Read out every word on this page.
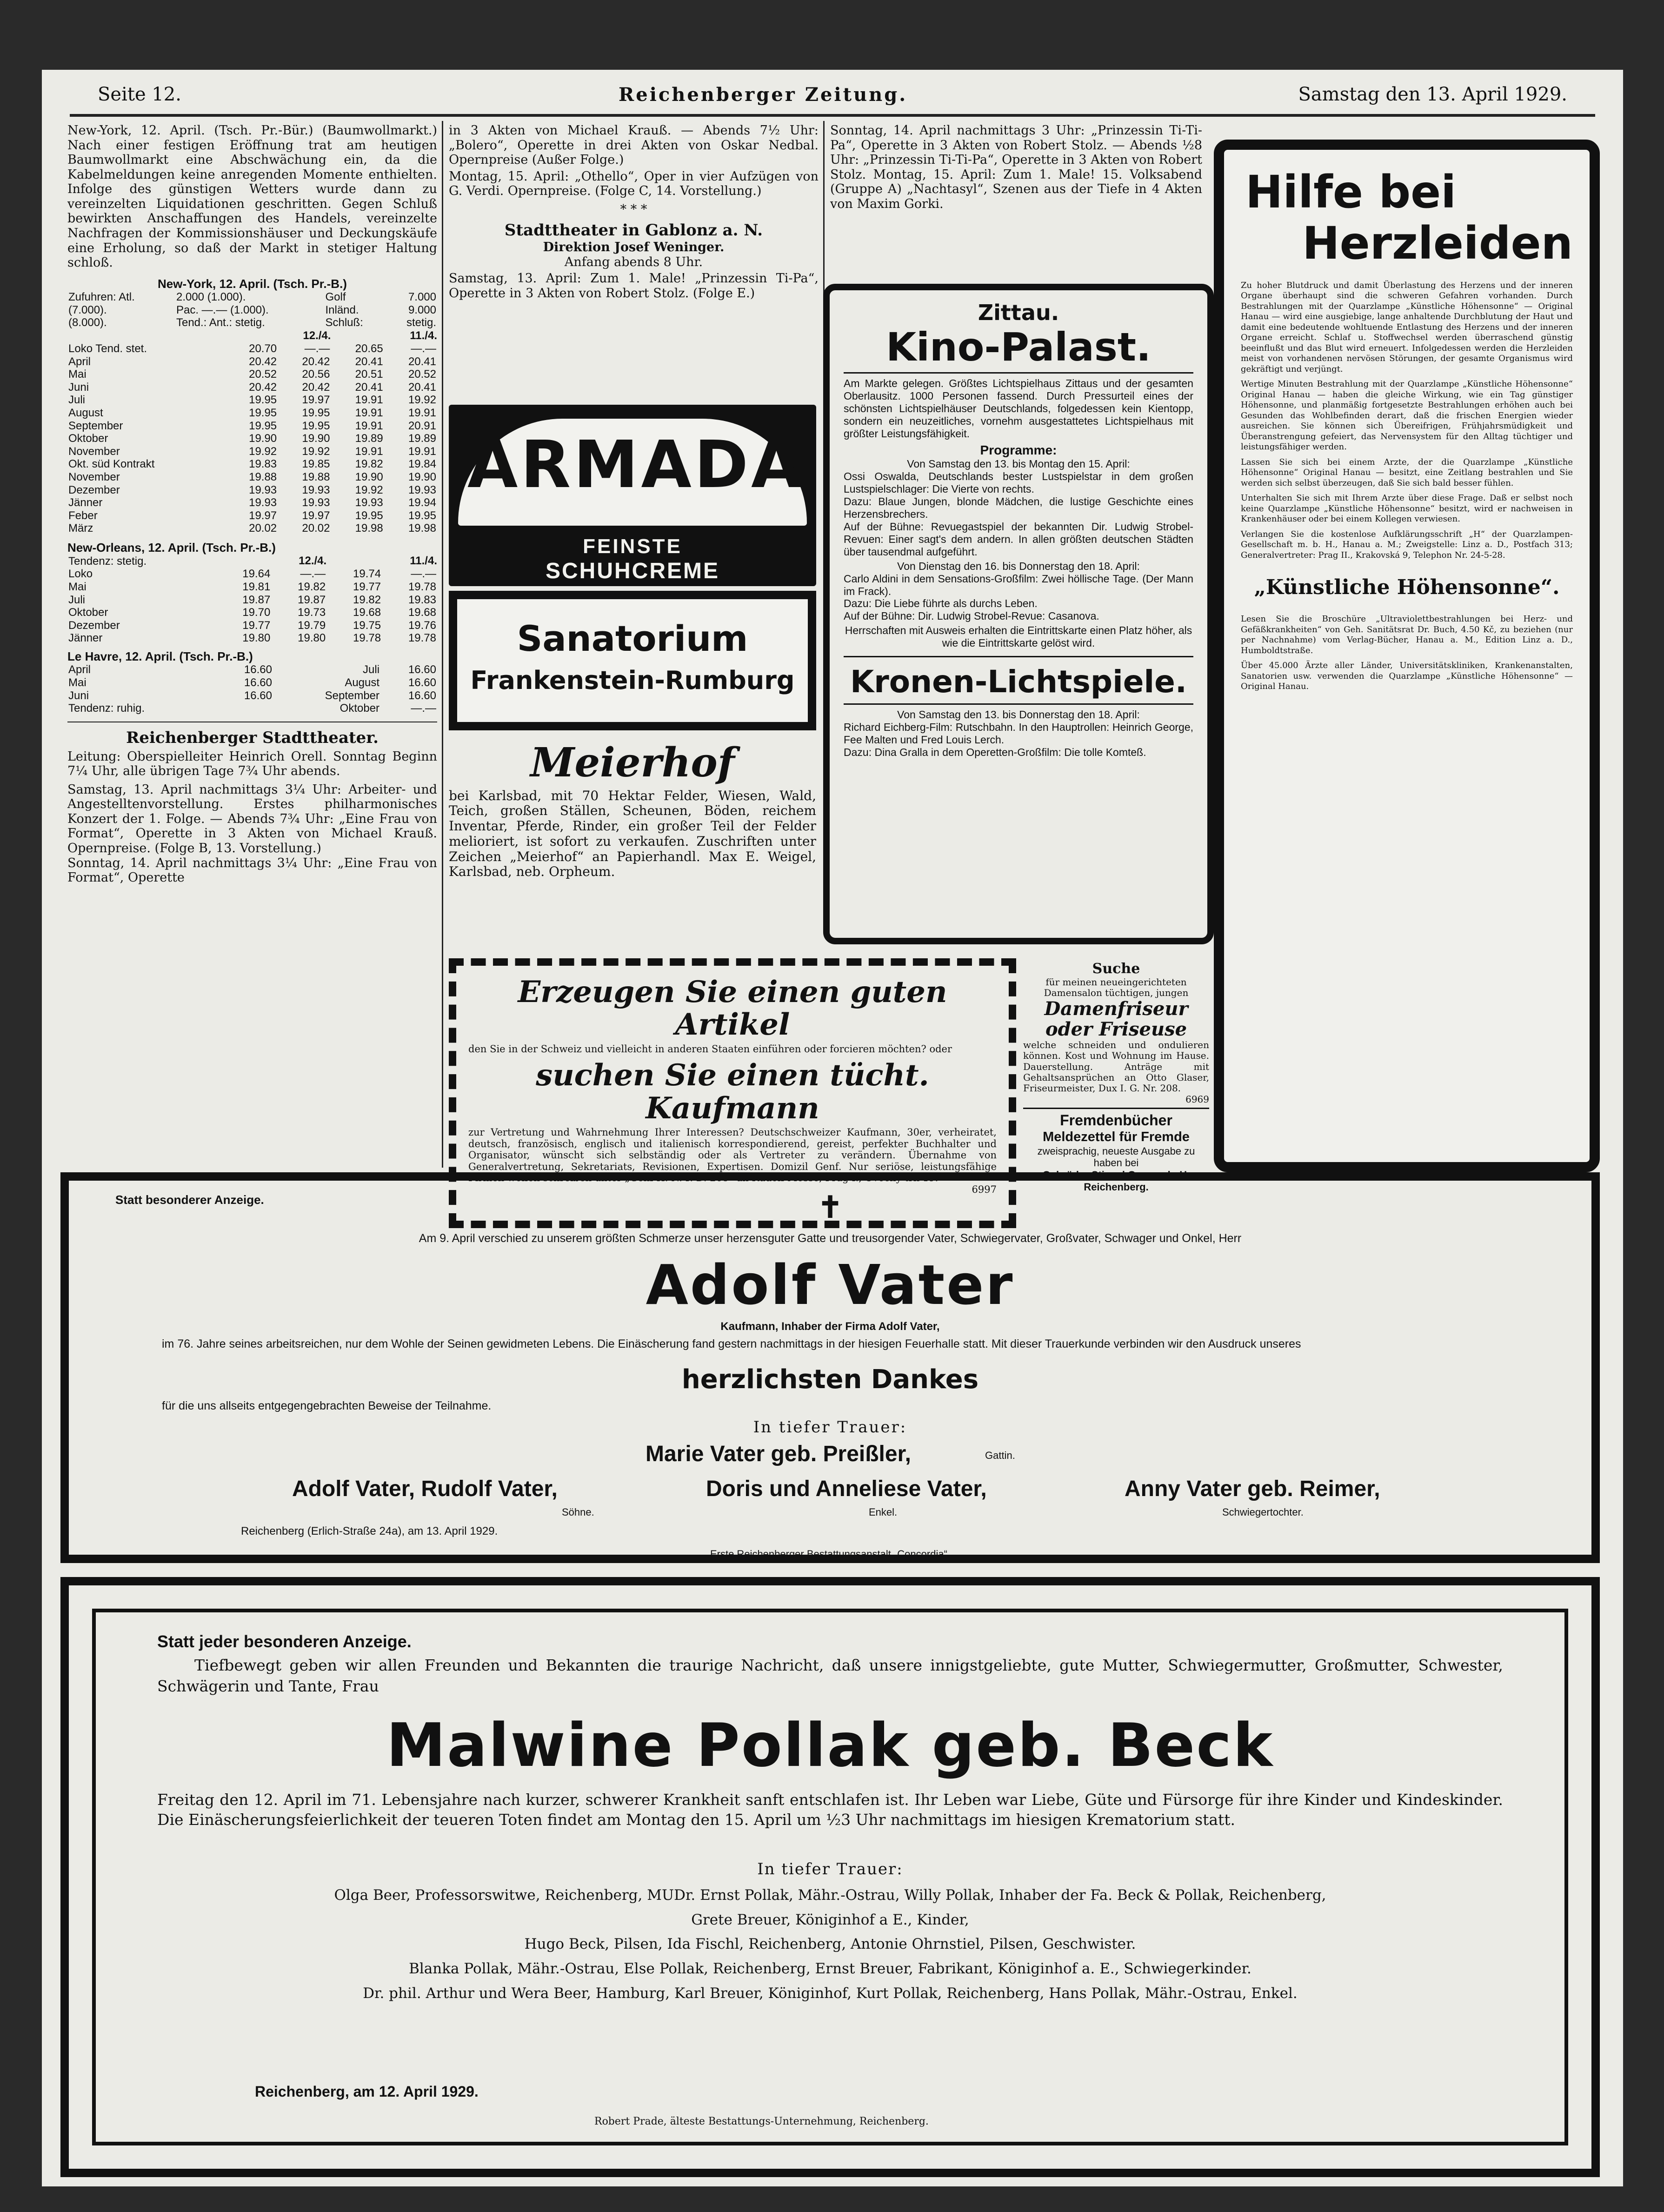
Seite 12.	Reichenberger Zeitung.	Samstag den 13. April 1929.

New-York, 12. April. (Tsch. Pr.-Bür.) (Baumwollmarkt.) Nach einer festigen Eröffnung trat am heutigen Baumwollmarkt eine Abschwächung ein, da die Kabelmeldungen keine anregenden Momente enthielten. Infolge des günstigen Wetters wurde dann zu vereinzelten Liquidationen geschritten. Gegen Schluß bewirkten Anschaffungen des Handels, vereinzelte Nachfragen der Kommissionshäuser und Deckungskäufe eine Erholung, so daß der Markt in stetiger Haltung schloß.

New-York, 12. April. (Tsch. Pr.-B.)

Zufuhren: Atl.	2.000 (1.000).	Golf	7.000
(7.000).	Pac. —.— (1.000).	Inländ.	9.000
(8.000).	Tend.: Ant.: stetig.	Schluß:	stetig.
	12./4.		11./4.	
Loko Tend. stet.	20.70	—.—	20.65	—.—
April	20.42	20.42	20.41	20.41
Mai	20.52	20.56	20.51	20.52
Juni	20.42	20.42	20.41	20.41
Juli	19.95	19.97	19.91	19.92
August	19.95	19.95	19.91	19.91
September	19.95	19.95	19.91	20.91
Oktober	19.90	19.90	19.89	19.89
November	19.92	19.92	19.91	19.91
Okt. süd Kontrakt	19.83	19.85	19.82	19.84
November	19.88	19.88	19.90	19.90
Dezember	19.93	19.93	19.92	19.93
Jänner	19.93	19.93	19.93	19.94
Feber	19.97	19.97	19.95	19.95
März	20.02	20.02	19.98	19.98

New-Orleans, 12. April. (Tsch. Pr.-B.)

Tendenz: stetig.	12./4.		11./4.	
Loko	19.64	—.—	19.74	—.—
Mai	19.81	19.82	19.77	19.78
Juli	19.87	19.87	19.82	19.83
Oktober	19.70	19.73	19.68	19.68
Dezember	19.77	19.79	19.75	19.76
Jänner	19.80	19.80	19.78	19.78

Le Havre, 12. April. (Tsch. Pr.-B.)

April	16.60	Juli	16.60
Mai	16.60	August	16.60
Juni	16.60	September	16.60
Tendenz: ruhig.		Oktober	—.—

Reichenberger Stadttheater.

Leitung: Oberspielleiter Heinrich Orell. Sonntag Beginn 7¼ Uhr, alle übrigen Tage 7¾ Uhr abends.

Samstag, 13. April nachmittags 3¼ Uhr: Arbeiter- und Angestelltenvorstellung. Erstes philharmonisches Konzert der 1. Folge. — Abends 7¾ Uhr: „Eine Frau von Format“, Operette in 3 Akten von Michael Krauß. Opernpreise. (Folge B, 13. Vorstellung.)

Sonntag, 14. April nachmittags 3¼ Uhr: „Eine Frau von Format“, Operette

in 3 Akten von Michael Krauß. — Abends 7½ Uhr: „Bolero“, Operette in drei Akten von Oskar Nedbal. Opernpreise (Außer Folge.)

Montag, 15. April: „Othello“, Oper in vier Aufzügen von G. Verdi. Opernpreise. (Folge C, 14. Vorstellung.)

* * *

Stadttheater in Gablonz a. N.

Direktion Josef Weninger.

Anfang abends 8 Uhr.

Samstag, 13. April: Zum 1. Male! „Prinzessin Ti-Pa“, Operette in 3 Akten von Robert Stolz. (Folge E.)

Sonntag, 14. April nachmittags 3 Uhr: „Prinzessin Ti-Ti-Pa“, Operette in 3 Akten von Robert Stolz. — Abends ½8 Uhr: „Prinzessin Ti-Ti-Pa“, Operette in 3 Akten von Robert Stolz. Montag, 15. April: Zum 1. Male! 15. Volksabend (Gruppe A) „Nachtasyl“, Szenen aus der Tiefe in 4 Akten von Maxim Gorki.

ARMADA
FEINSTE
SCHUHCREME
Sanatorium
Frankenstein-Rumburg

Meierhof

bei Karlsbad, mit 70 Hektar Felder, Wiesen, Wald, Teich, großen Ställen, Scheunen, Böden, reichem Inventar, Pferde, Rinder, ein großer Teil der Felder melioriert, ist sofort zu verkaufen. Zuschriften unter Zeichen „Meierhof“ an Papierhandl. Max E. Weigel, Karlsbad, neb. Orpheum.

Zittau.

Kino-Palast.

Am Markte gelegen. Größtes Lichtspielhaus Zittaus und der gesamten Oberlausitz. 1000 Personen fassend. Durch Pressurteil eines der schönsten Lichtspielhäuser Deutschlands, folgedessen kein Kientopp, sondern ein neuzeitliches, vornehm ausgestattetes Lichtspielhaus mit größter Leistungsfähigkeit.

Programme:

Von Samstag den 13. bis Montag den 15. April:

Ossi Oswalda, Deutschlands bester Lustspielstar in dem großen Lustspielschlager: Die Vierte von rechts.

Dazu: Blaue Jungen, blonde Mädchen, die lustige Geschichte eines Herzensbrechers.

Auf der Bühne: Revuegastspiel der bekannten Dir. Ludwig Strobel-Revuen: Einer sagt's dem andern. In allen größten deutschen Städten über tausendmal aufgeführt.

Von Dienstag den 16. bis Donnerstag den 18. April:

Carlo Aldini in dem Sensations-Großfilm: Zwei höllische Tage. (Der Mann im Frack).

Dazu: Die Liebe führte als durchs Leben.

Auf der Bühne: Dir. Ludwig Strobel-Revue: Casanova.

Herrschaften mit Ausweis erhalten die Eintrittskarte einen Platz höher, als wie die Eintrittskarte gelöst wird.

Kronen-Lichtspiele.

Von Samstag den 13. bis Donnerstag den 18. April:

Richard Eichberg-Film: Rutschbahn. In den Hauptrollen: Heinrich George, Fee Malten und Fred Louis Lerch.

Dazu: Dina Gralla in dem Operetten-Großfilm: Die tolle Komteß.

Erzeugen Sie einen guten Artikel

den Sie in der Schweiz und vielleicht in anderen Staaten einführen oder forcieren möchten? oder

suchen Sie einen tücht. Kaufmann

zur Vertretung und Wahrnehmung Ihrer Interessen? Deutschschweizer Kaufmann, 30er, verheiratet, deutsch, französisch, englisch und italienisch korrespondierend, gereist, perfekter Buchhalter und Organisator, wünscht sich selbständig oder als Vertreter zu verändern. Übernahme von Generalvertretung, Sekretariats, Revisionen, Expertisen. Domizil Genf. Nur seriöse, leistungsfähige Firmen wollen schreiben unter „Genf H. N. P. D. 268“ an Rudolf Mosse, Prag I., Ovocný trh 19.

6997

Suche

für meinen neueingerichteten Damensalon tüchtigen, jungen

Damenfriseur oder Friseuse

welche schneiden und ondulieren können. Kost und Wohnung im Hause. Dauerstellung. Anträge mit Gehaltsansprüchen an Otto Glaser, Friseurmeister, Dux I. G. Nr. 208.

6969

Fremdenbücher

Meldezettel für Fremde

zweisprachig, neueste Ausgabe zu haben bei

Gebrüder Stiepel Ges. m. b. H.

Reichenberg.

Hilfe bei

Herzleiden

Zu hoher Blutdruck und damit Überlastung des Herzens und der inneren Organe überhaupt sind die schweren Gefahren vorhanden. Durch Bestrahlungen mit der Quarzlampe „Künstliche Höhensonne“ — Original Hanau — wird eine ausgiebige, lange anhaltende Durchblutung der Haut und damit eine bedeutende wohltuende Entlastung des Herzens und der inneren Organe erreicht. Schlaf u. Stoffwechsel werden überraschend günstig beeinflußt und das Blut wird erneuert. Infolgedessen werden die Herzleiden meist von vorhandenen nervösen Störungen, der gesamte Organismus wird gekräftigt und verjüngt.

Wertige Minuten Bestrahlung mit der Quarzlampe „Künstliche Höhensonne“ Original Hanau — haben die gleiche Wirkung, wie ein Tag günstiger Höhensonne, und planmäßig fortgesetzte Bestrahlungen erhöhen auch bei Gesunden das Wohlbefinden derart, daß die frischen Energien wieder ausreichen. Sie können sich Übereifrigen, Frühjahrsmüdigkeit und Überanstrengung gefeiert, das Nervensystem für den Alltag tüchtiger und leistungsfähiger werden.

Lassen Sie sich bei einem Arzte, der die Quarzlampe „Künstliche Höhensonne“ Original Hanau — besitzt, eine Zeitlang bestrahlen und Sie werden sich selbst überzeugen, daß Sie sich bald besser fühlen.

Unterhalten Sie sich mit Ihrem Arzte über diese Frage. Daß er selbst noch keine Quarzlampe „Künstliche Höhensonne“ besitzt, wird er nachweisen in Krankenhäuser oder bei einem Kollegen verwiesen.

Verlangen Sie die kostenlose Aufklärungsschrift „H“ der Quarzlampen-Gesellschaft m. b. H., Hanau a. M.; Zweigstelle: Linz a. D., Postfach 313; Generalvertreter: Prag II., Krakovská 9, Telephon Nr. 24-5-28.

„Künstliche Höhensonne“.

Lesen Sie die Broschüre „Ultraviolettbestrahlungen bei Herz- und Gefäßkrankheiten“ von Geh. Sanitätsrat Dr. Buch, 4.50 Kč, zu beziehen (nur per Nachnahme) vom Verlag-Bücher, Hanau a. M., Edition Linz a. D., Humboldtstraße.

Über 45.000 Ärzte aller Länder, Universitätskliniken, Krankenanstalten, Sanatorien usw. verwenden die Quarzlampe „Künstliche Höhensonne“ — Original Hanau.

Statt besonderer Anzeige.	✝
Am 9. April verschied zu unserem größten Schmerze unser herzensguter Gatte und treusorgender Vater, Schwiegervater, Großvater, Schwager und Onkel, Herr
Adolf Vater
Kaufmann, Inhaber der Firma Adolf Vater,
im 76. Jahre seines arbeitsreichen, nur dem Wohle der Seinen gewidmeten Lebens. Die Einäscherung fand gestern nachmittags in der hiesigen Feuerhalle statt. Mit dieser Trauerkunde verbinden wir den Ausdruck unseres
herzlichsten Dankes
für die uns allseits entgegengebrachten Beweise der Teilnahme.
In tiefer Trauer:
Marie Vater geb. Preißler,	Gattin.
Adolf Vater, Rudolf Vater,
Söhne.
Doris und Anneliese Vater,
Enkel.
Anny Vater geb. Reimer,
Schwiegertochter.
Reichenberg (Erlich-Straße 24a), am 13. April 1929.
Erste Reichenberger Bestattungsanstalt „Concordia“.
Statt jeder besonderen Anzeige.
Tiefbewegt geben wir allen Freunden und Bekannten die traurige Nachricht, daß unsere innigstgeliebte, gute Mutter, Schwiegermutter, Großmutter, Schwester, Schwägerin und Tante, Frau
Malwine Pollak geb. Beck
Freitag den 12. April im 71. Lebensjahre nach kurzer, schwerer Krankheit sanft entschlafen ist. Ihr Leben war Liebe, Güte und Fürsorge für ihre Kinder und Kindeskinder. Die Einäscherungsfeierlichkeit der teueren Toten findet am Montag den 15. April um ½3 Uhr nachmittags im hiesigen Krematorium statt.
In tiefer Trauer:

Olga Beer, Professorswitwe, Reichenberg, MUDr. Ernst Pollak, Mähr.-Ostrau, Willy Pollak, Inhaber der Fa. Beck & Pollak, Reichenberg,

Grete Breuer, Königinhof a E., Kinder,

Hugo Beck, Pilsen, Ida Fischl, Reichenberg, Antonie Ohrnstiel, Pilsen, Geschwister.

Blanka Pollak, Mähr.-Ostrau, Else Pollak, Reichenberg, Ernst Breuer, Fabrikant, Königinhof a. E., Schwiegerkinder.

Dr. phil. Arthur und Wera Beer, Hamburg, Karl Breuer, Königinhof, Kurt Pollak, Reichenberg, Hans Pollak, Mähr.-Ostrau, Enkel.

Reichenberg, am 12. April 1929.
Robert Prade, älteste Bestattungs-Unternehmung, Reichenberg.
